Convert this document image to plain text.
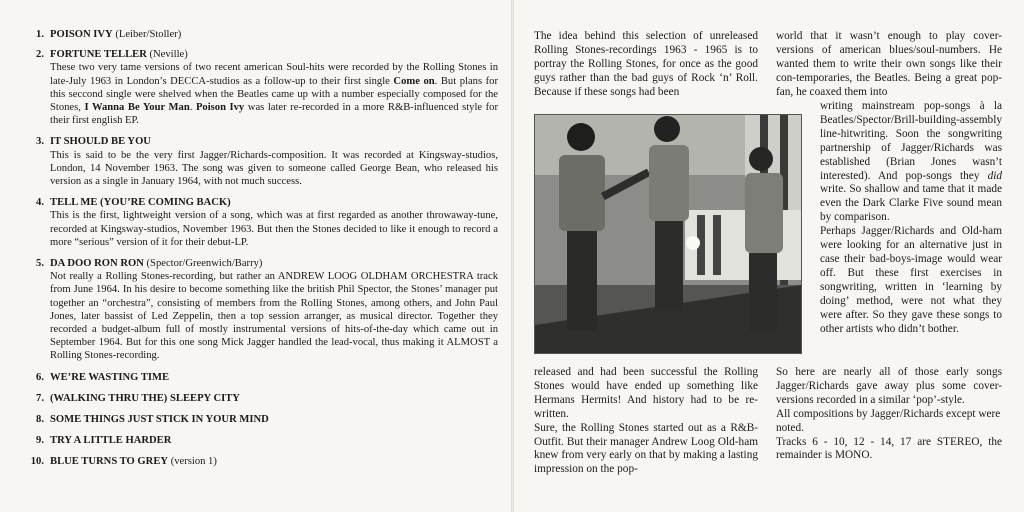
1. POISON IVY (Leiber/Stoller)
2. FORTUNE TELLER (Neville)
These two very tame versions of two recent american Soul-hits were recorded by the Rolling Stones in late-July 1963 in London’s DECCA-studios as a follow-up to their first single Come on. But plans for this seccond single were shelved when the Beatles came up with a number especially composed for the Stones, I Wanna Be Your Man. Poison Ivy was later re-recorded in a more R&B-influenced style for their first english EP.
3. IT SHOULD BE YOU
This is said to be the very first Jagger/Richards-composition. It was recorded at Kingsway-studios, London, 14 November 1963. The song was given to someone called George Bean, who released his version as a single in January 1964, with not much success.
4. TELL ME (YOU’RE COMING BACK)
This is the first, lightweight version of a song, which was at first regarded as another throwaway-tune, recorded at Kingsway-studios, November 1963. But then the Stones decided to like it enough to record a more “serious” version of it for their debut-LP.
5. DA DOO RON RON (Spector/Greenwich/Barry)
Not really a Rolling Stones-recording, but rather an ANDREW LOOG OLDHAM ORCHESTRA track from June 1964. In his desire to become something like the british Phil Spector, the Stones’ manager put together an “orchestra”, consisting of members from the Rolling Stones, among others, and John Paul Jones, later bassist of Led Zeppelin, then a top session arranger, as musical director. Together they recorded a budget-album full of mostly instrumental versions of hits-of-the-day which came out in September 1964. But for this one song Mick Jagger handled the lead-vocal, thus making it ALMOST a Rolling Stones-recording.
6. WE’RE WASTING TIME
7. (WALKING THRU THE) SLEEPY CITY
8. SOME THINGS JUST STICK IN YOUR MIND
9. TRY A LITTLE HARDER
10. BLUE TURNS TO GREY (version 1)

The idea behind this selection of unreleased Rolling Stones-recordings 1963 - 1965 is to portray the Rolling Stones, for once as the good guys rather than the bad guys of Rock ‘n’ Roll. Because if these songs had been

released and had been successful the Rolling Stones would have ended up something like Hermans Hermits! And history had to be re-written.

Sure, the Rolling Stones started out as a R&B-Outfit. But their manager Andrew Loog Old-ham knew from very early on that by making a lasting impression on the pop-

world that it wasn’t enough to play cover-versions of american blues/soul-numbers. He wanted them to write their own songs like their con-temporaries, the Beatles. Being a great pop-fan, he coaxed them into

writing mainstream pop-songs à la Beatles/Spector/Brill-building-assembly line-hitwriting. Soon the songwriting partnership of Jagger/Richards was established (Brian Jones wasn’t interested). And pop-songs they did write. So shallow and tame that it made even the Dark Clarke Five sound mean by comparison.

Perhaps Jagger/Richards and Old-ham were looking for an alternative just in case their bad-boys-image would wear off. But these first exercises in songwriting, written in ‘learning by doing’ method, were not what they were after. So they gave these songs to other artists who didn’t bother.

So here are nearly all of those early songs Jagger/Richards gave away plus some cover-versions recorded in a similar ‘pop’-style.

All compositions by Jagger/Richards except were noted.

Tracks 6 - 10, 12 - 14, 17 are STEREO, the remainder is MONO.
